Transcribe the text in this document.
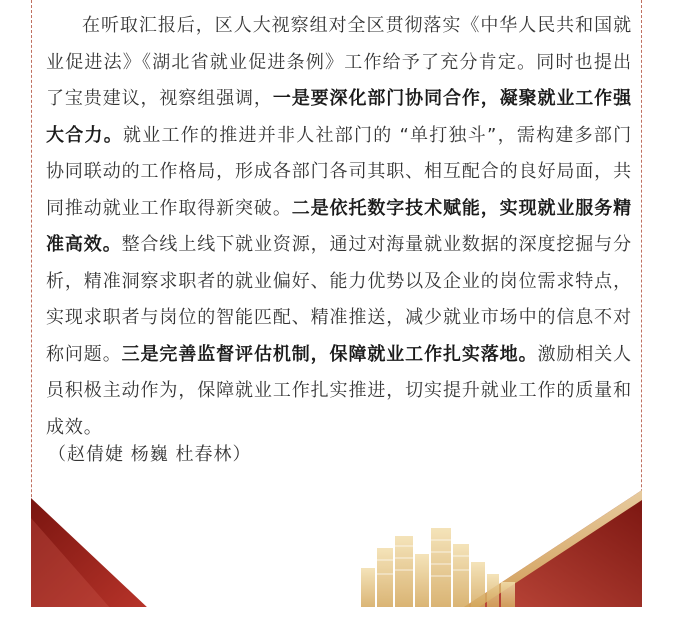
在听取汇报后，区人大视察组对全区贯彻落实《中华人民共和国就业促进法》《湖北省就业促进条例》工作给予了充分肯定。同时也提出了宝贵建议，视察组强调，一是要深化部门协同合作，凝聚就业工作强大合力。就业工作的推进并非人社部门的 “单打独斗”，需构建多部门协同联动的工作格局，形成各部门各司其职、相互配合的良好局面，共同推动就业工作取得新突破。二是依托数字技术赋能，实现就业服务精准高效。整合线上线下就业资源，通过对海量就业数据的深度挖掘与分析，精准洞察求职者的就业偏好、能力优势以及企业的岗位需求特点，实现求职者与岗位的智能匹配、精准推送，减少就业市场中的信息不对称问题。三是完善监督评估机制，保障就业工作扎实落地。激励相关人员积极主动作为，保障就业工作扎实推进，切实提升就业工作的质量和成效。

（赵倩婕 杨巍 杜春林）
